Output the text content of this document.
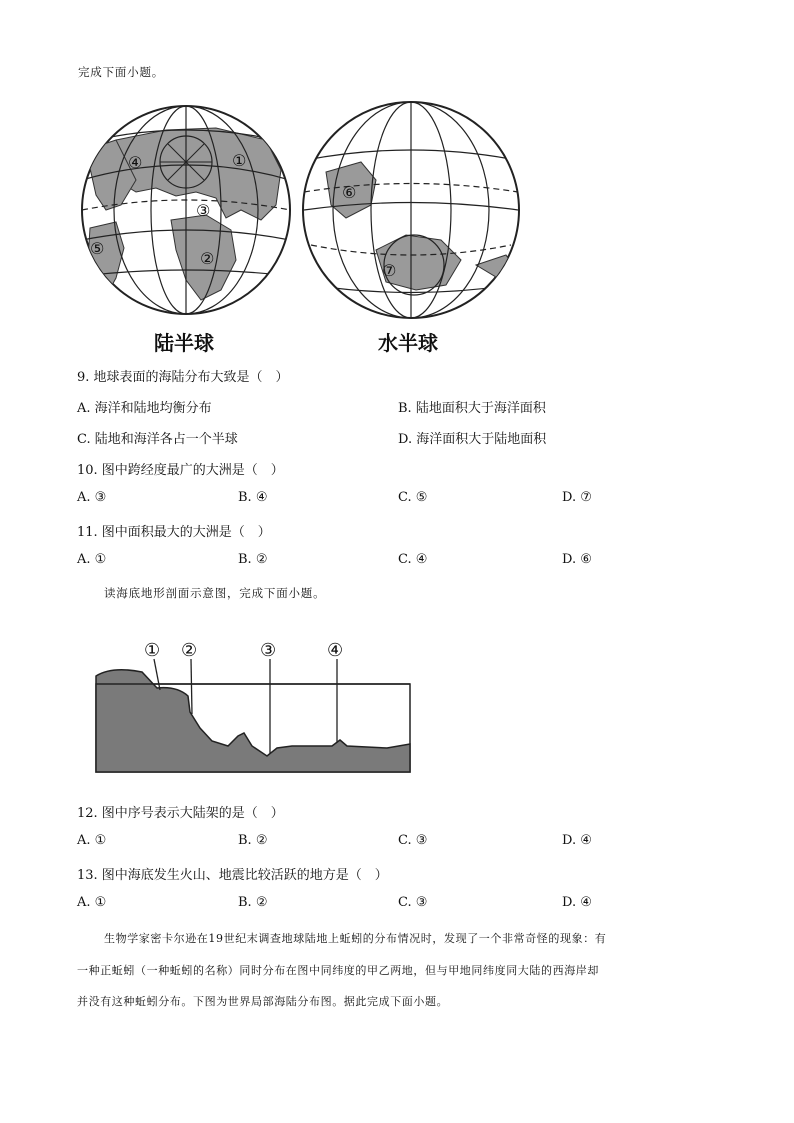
完成下面小题。
④	①
③
②
⑤
⑥
⑦
陆半球	水半球
9. 地球表面的海陆分布大致是（　）
A. 海洋和陆地均衡分布	B. 陆地面积大于海洋面积
C. 陆地和海洋各占一个半球	D. 海洋面积大于陆地面积
10. 图中跨经度最广的大洲是（　）
A. ③	B. ④	C. ⑤	D. ⑦
11. 图中面积最大的大洲是（　）
A. ①	B. ②	C. ④	D. ⑥
读海底地形剖面示意图，完成下面小题。
① ②	③	④
12. 图中序号表示大陆架的是（　）
A. ①	B. ②	C. ③	D. ④
13. 图中海底发生火山、地震比较活跃的地方是（　）
A. ①	B. ②	C. ③	D. ④
生物学家密卡尔逊在19世纪末调查地球陆地上蚯蚓的分布情况时，发现了一个非常奇怪的现象：有
一种正蚯蚓（一种蚯蚓的名称）同时分布在图中同纬度的甲乙两地，但与甲地同纬度同大陆的西海岸却
并没有这种蚯蚓分布。下图为世界局部海陆分布图。据此完成下面小题。
